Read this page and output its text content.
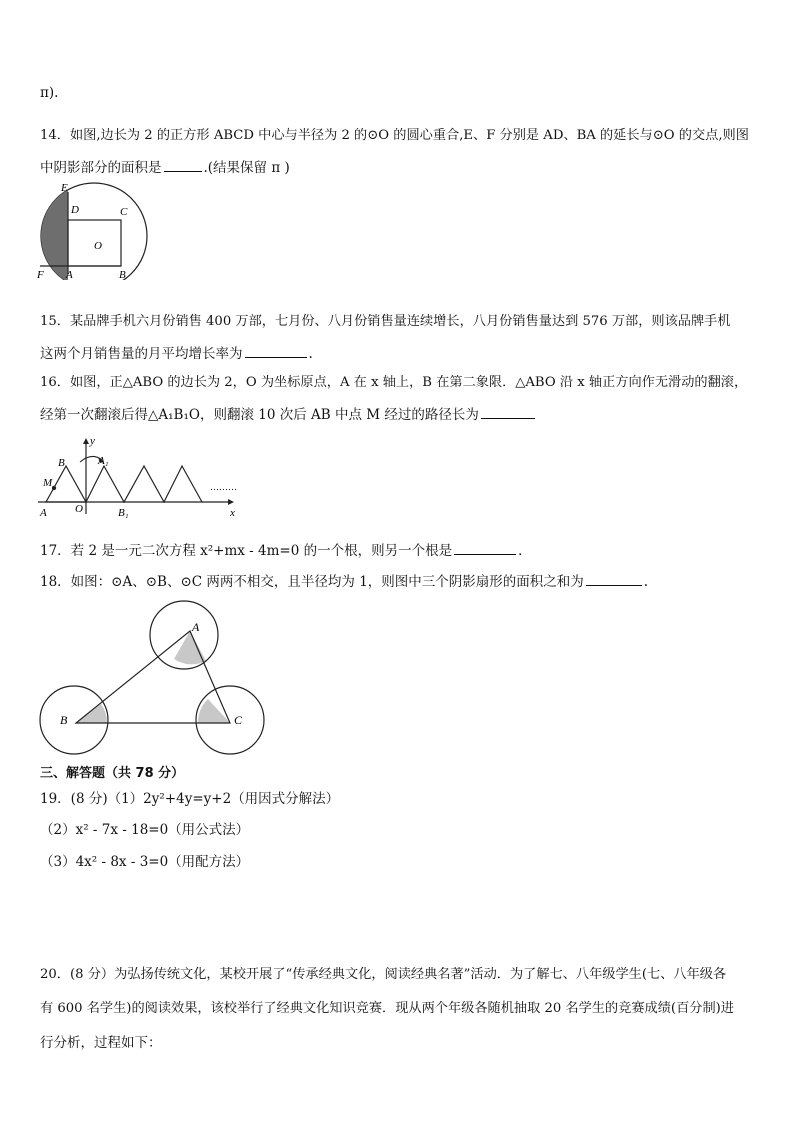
π).
14．如图,边长为 2 的正方形 ABCD 中心与半径为 2 的⊙O 的圆心重合,E、F 分别是 AD、BA 的延长与⊙O 的交点,则图
中阴影部分的面积是	.(结果保留 π )
E
D	C
O
F A	B
15．某品牌手机六月份销售 400 万部，七月份、八月份销售量连续增长，八月份销售量达到 576 万部，则该品牌手机
这两个月销售量的月平均增长率为	.
16．如图，正△ABO 的边长为 2，O 为坐标原点，A 在 x 轴上，B 在第二象限．△ABO 沿 x 轴正方向作无滑动的翻滚，
经第一次翻滚后得△A₁B₁O，则翻滚 10 次后 AB 中点 M 经过的路径长为
y
B	A₁
M
A	O	B₁	x
………
17．若 2 是一元二次方程 x²+mx - 4m=0 的一个根，则另一个根是	．
18．如图：⊙A、⊙B、⊙C 两两不相交，且半径均为 1，则图中三个阴影扇形的面积之和为	.
A
B	C
三、解答题（共 78 分）
19．(8 分)（1）2y²+4y=y+2（用因式分解法）
（2）x² - 7x - 18=0（用公式法）
（3）4x² - 8x - 3=0（用配方法）
20．(8 分）为弘扬传统文化，某校开展了“传承经典文化，阅读经典名著”活动．为了解七、八年级学生(七、八年级各
有 600 名学生)的阅读效果，该校举行了经典文化知识竞赛．现从两个年级各随机抽取 20 名学生的竞赛成绩(百分制)进
行分析，过程如下：
